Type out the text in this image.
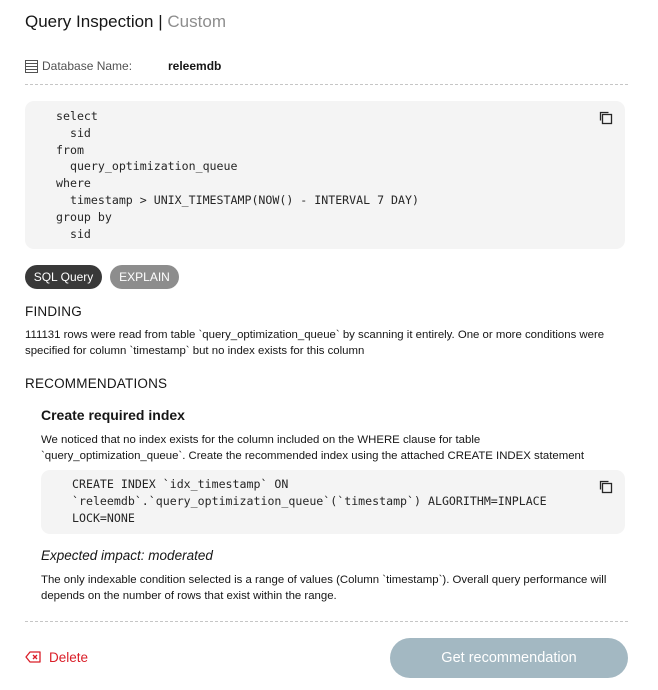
Query Inspection | Custom
Database Name:	releemdb
select
sid
from
query_optimization_queue
where
timestamp > UNIX_TIMESTAMP(NOW() - INTERVAL 7 DAY)
group by
sid
SQL Query	EXPLAIN
FINDING
111131 rows were read from table `query_optimization_queue` by scanning it entirely. One or more conditions were specified for column `timestamp` but no index exists for this column
RECOMMENDATIONS
Create required index
We noticed that no index exists for the column included on the WHERE clause for table `query_optimization_queue`. Create the recommended index using the attached CREATE INDEX statement
CREATE INDEX `idx_timestamp` ON
`releemdb`.`query_optimization_queue`(`timestamp`) ALGORITHM=INPLACE
LOCK=NONE
Expected impact: moderated
The only indexable condition selected is a range of values (Column `timestamp`). Overall query performance will depends on the number of rows that exist within the range.
Delete	Get recommendation
